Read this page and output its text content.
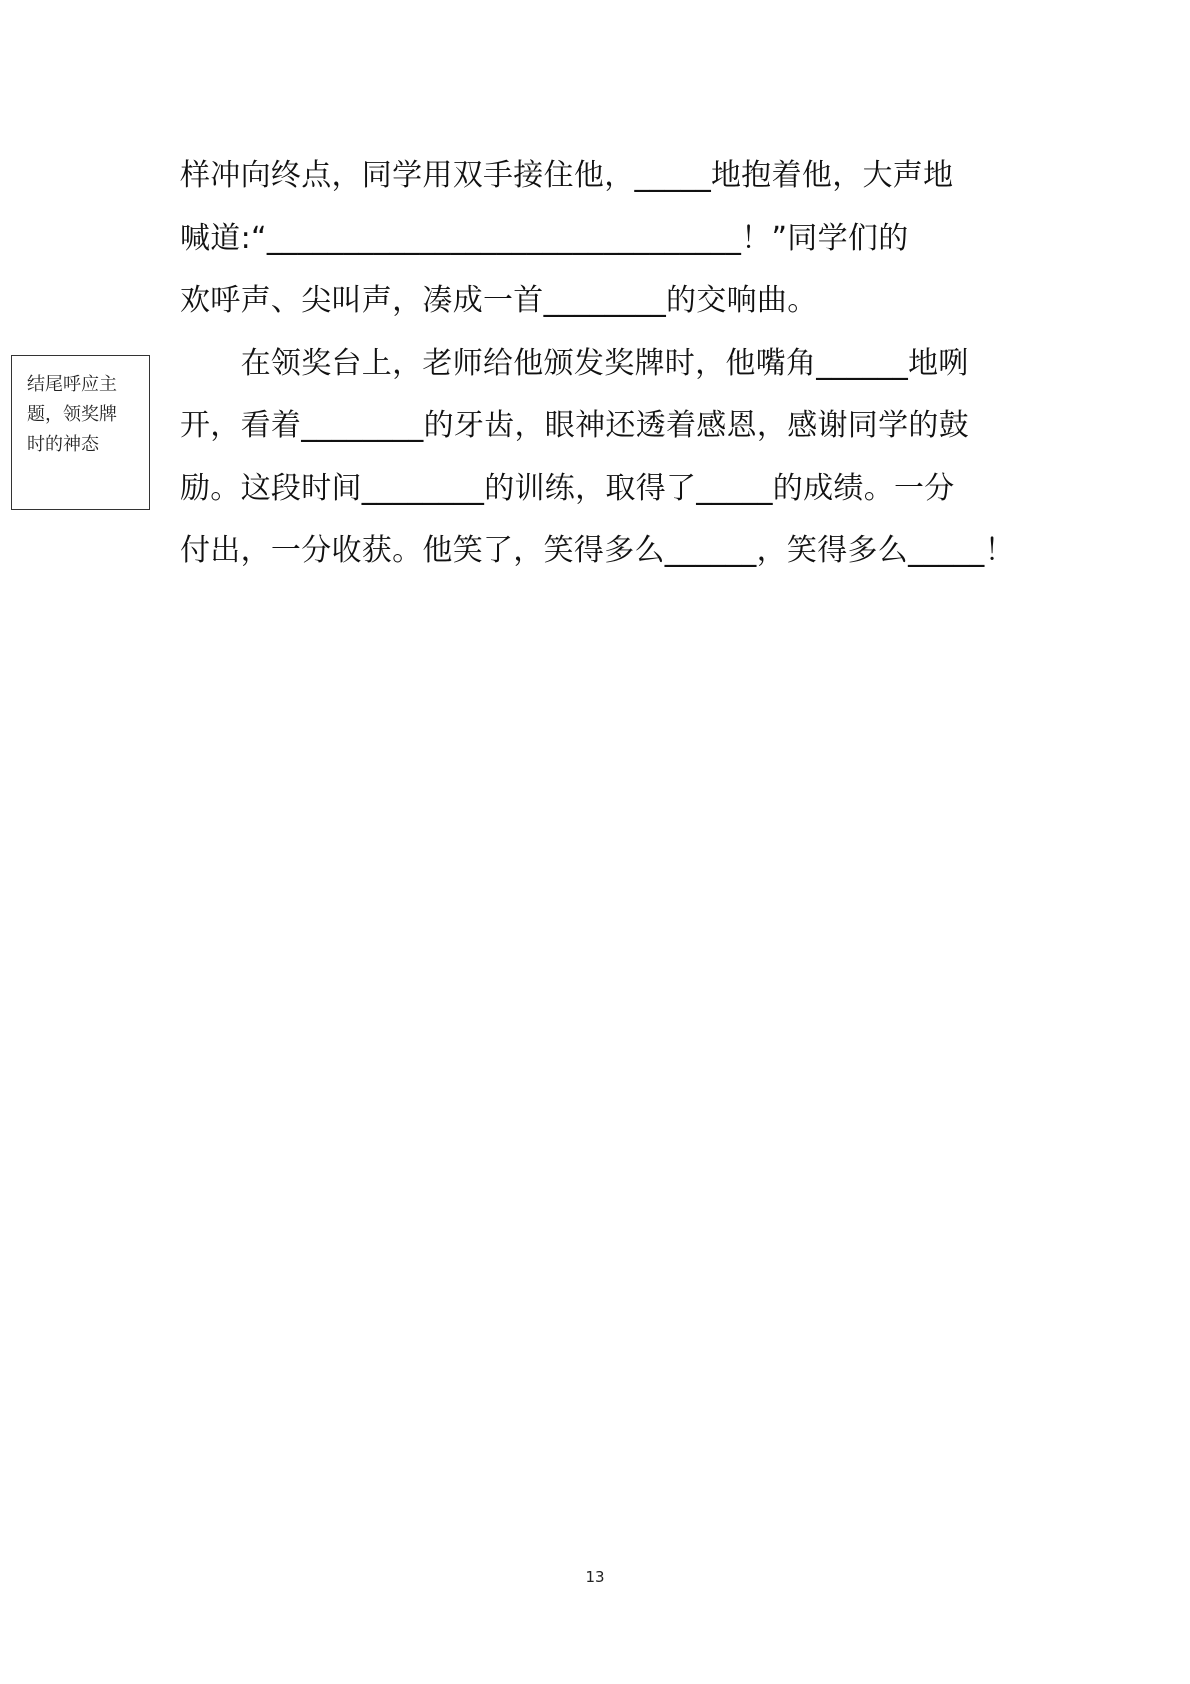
结尾呼应主
题，领奖牌
时的神态
样冲向终点，同学用双手接住他，_____地抱着他，大声地
喊道:“_______________________________！”同学们的
欢呼声、尖叫声，凑成一首________的交响曲。
　　在领奖台上，老师给他颁发奖牌时，他嘴角______地咧
开，看着________的牙齿，眼神还透着感恩，感谢同学的鼓
励。这段时间________的训练，取得了_____的成绩。一分
付出，一分收获。他笑了，笑得多么______，笑得多么_____！
13
